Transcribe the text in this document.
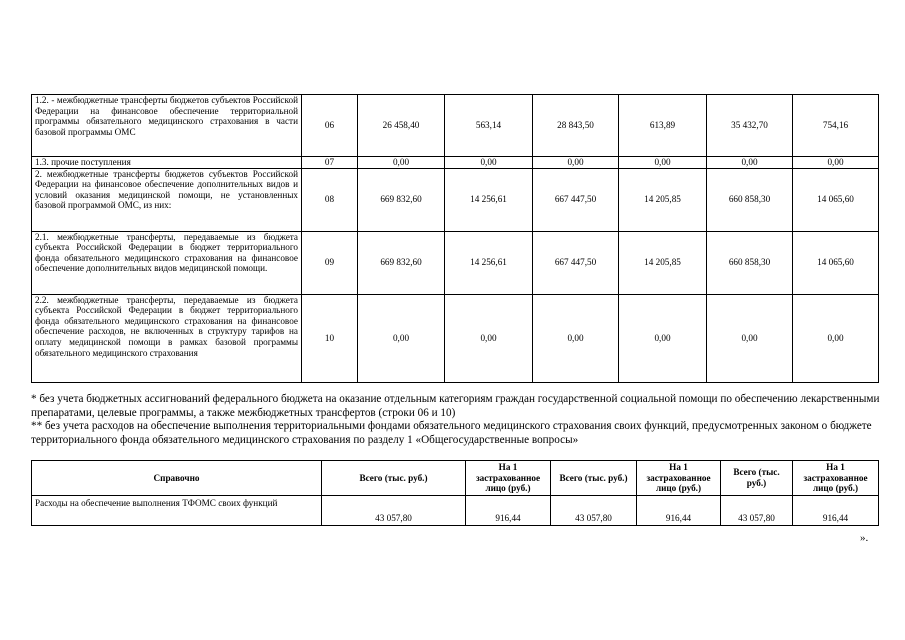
1.2. - межбюджетные трансферты бюджетов субъектов Российской Федерации на финансовое обеспечение территориальной программы обязательного медицинского страхования в части базовой программы ОМС	06	26 458,40	563,14	28 843,50	613,89	35 432,70	754,16
1.3. прочие поступления	07	0,00	0,00	0,00	0,00	0,00	0,00
2. межбюджетные трансферты бюджетов субъектов Российской Федерации на финансовое обеспечение дополнительных видов и условий оказания медицинской помощи, не установленных базовой программой ОМС, из них:	08	669 832,60	14 256,61	667 447,50	14 205,85	660 858,30	14 065,60
2.1. межбюджетные трансферты, передаваемые из бюджета субъекта Российской Федерации в бюджет территориального фонда обязательного медицинского страхования на финансовое обеспечение дополнительных видов медицинской помощи.	09	669 832,60	14 256,61	667 447,50	14 205,85	660 858,30	14 065,60
2.2. межбюджетные трансферты, передаваемые из бюджета субъекта Российской Федерации в бюджет территориального фонда обязательного медицинского страхования на финансовое обеспечение расходов, не включенных в структуру тарифов на оплату медицинской помощи в рамках базовой программы обязательного медицинского страхования	10	0,00	0,00	0,00	0,00	0,00	0,00

* без учета бюджетных ассигнований федерального бюджета на оказание отдельным категориям граждан государственной социальной помощи по обеспечению лекарственными препаратами, целевые программы, а также межбюджетных трансфертов (строки 06 и 10)

** без учета расходов на обеспечение выполнения территориальными фондами обязательного медицинского страхования своих функций, предусмотренных законом о бюджете территориального фонда обязательного медицинского страхования по разделу 1 «Общегосударственные вопросы»

Справочно	Всего (тыс. руб.)	На 1 застрахованное лицо (руб.)	Всего (тыс. руб.)	На 1 застрахованное лицо (руб.)	Всего (тыс. руб.)	На 1 застрахованное лицо (руб.)
Расходы на обеспечение выполнения ТФОМС своих функций	43 057,80	916,44	43 057,80	916,44	43 057,80	916,44
».
